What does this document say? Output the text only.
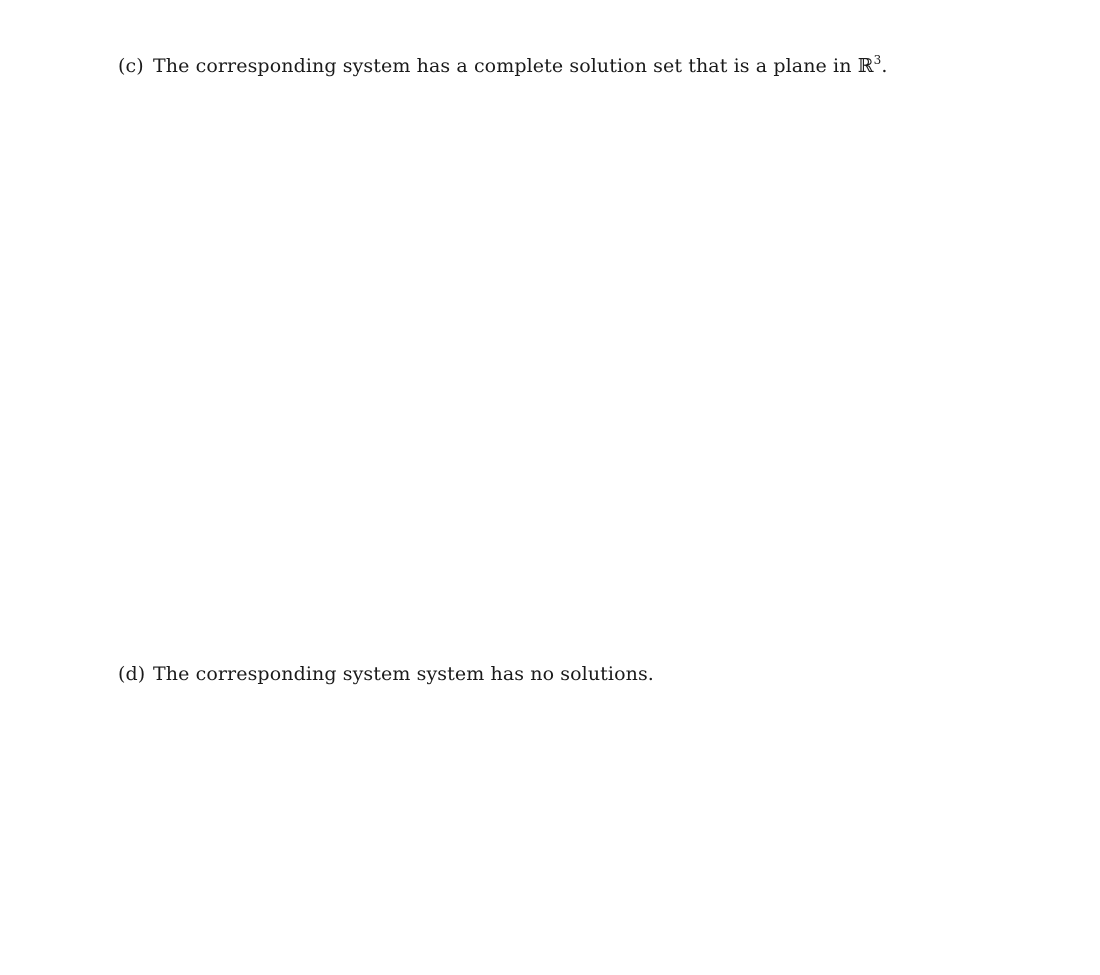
(c) The corresponding system has a complete solution set that is a plane in ℝ$^3$.
(d) The corresponding system system has no solutions.
